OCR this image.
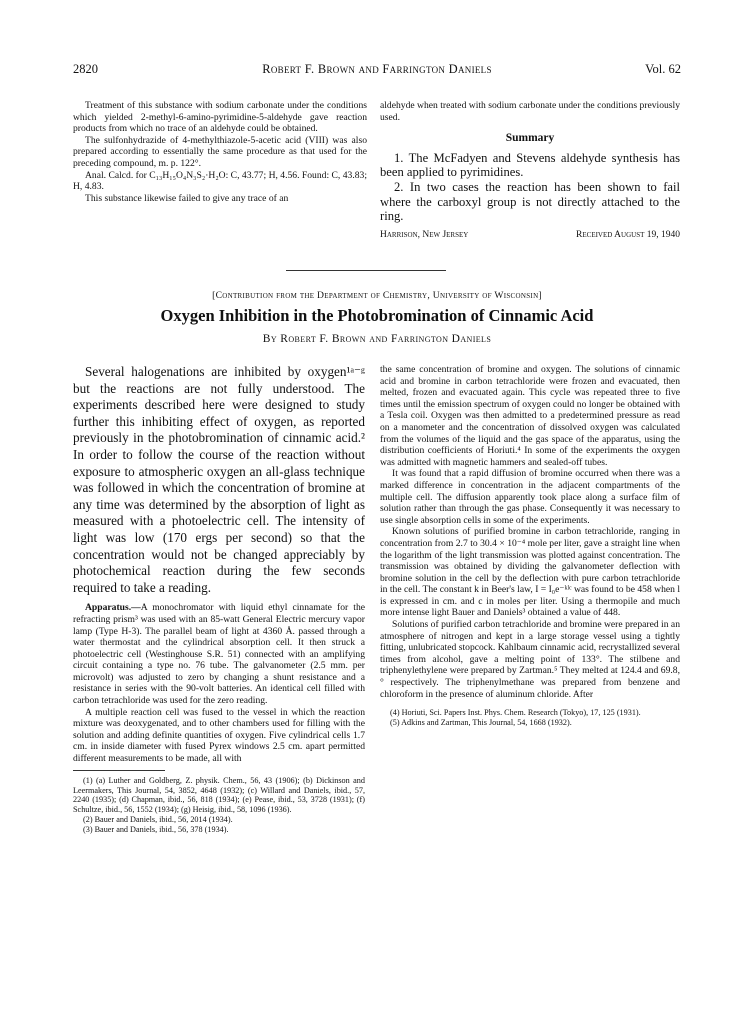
2820	Robert F. Brown and Farrington Daniels	Vol. 62

Treatment of this substance with sodium carbonate under the conditions which yielded 2-methyl-6-amino-pyrimidine-5-aldehyde gave reaction products from which no trace of an aldehyde could be obtained.

The sulfonhydrazide of 4-methylthiazole-5-acetic acid (VIII) was also prepared according to essentially the same procedure as that used for the preceding compound, m. p. 122°.

Anal. Calcd. for C₁₃H₁₅O₄N₃S₂·H₂O: C, 43.77; H, 4.56. Found: C, 43.83; H, 4.83.

This substance likewise failed to give any trace of an

aldehyde when treated with sodium carbonate under the conditions previously used.

Summary

1. The McFadyen and Stevens aldehyde synthesis has been applied to pyrimidines.

2. In two cases the reaction has been shown to fail where the carboxyl group is not directly attached to the ring.

Harrison, New Jersey	Received August 19, 1940
[Contribution from the Department of Chemistry, University of Wisconsin]
Oxygen Inhibition in the Photobromination of Cinnamic Acid
By Robert F. Brown and Farrington Daniels

Several halogenations are inhibited by oxygen¹ᵃ⁻ᵍ but the reactions are not fully understood. The experiments described here were designed to study further this inhibiting effect of oxygen, as reported previously in the photobromination of cinnamic acid.² In order to follow the course of the reaction without exposure to atmospheric oxygen an all-glass technique was followed in which the concentration of bromine at any time was determined by the absorption of light as measured with a photoelectric cell. The intensity of light was low (170 ergs per second) so that the concentration would not be changed appreciably by photochemical reaction during the few seconds required to take a reading.

Apparatus.—A monochromator with liquid ethyl cinnamate for the refracting prism³ was used with an 85-watt General Electric mercury vapor lamp (Type H-3). The parallel beam of light at 4360 Å. passed through a water thermostat and the cylindrical absorption cell. It then struck a photoelectric cell (Westinghouse S.R. 51) connected with an amplifying circuit containing a type no. 76 tube. The galvanometer (2.5 mm. per microvolt) was adjusted to zero by changing a shunt resistance and a resistance in series with the 90-volt batteries. An identical cell filled with carbon tetrachloride was used for the zero reading.

A multiple reaction cell was fused to the vessel in which the reaction mixture was deoxygenated, and to other chambers used for filling with the solution and adding definite quantities of oxygen. Five cylindrical cells 1.7 cm. in inside diameter with fused Pyrex windows 2.5 cm. apart permitted different measurements to be made, all with

(1) (a) Luther and Goldberg, Z. physik. Chem., 56, 43 (1906); (b) Dickinson and Leermakers, This Journal, 54, 3852, 4648 (1932); (c) Willard and Daniels, ibid., 57, 2240 (1935); (d) Chapman, ibid., 56, 818 (1934); (e) Pease, ibid., 53, 3728 (1931); (f) Schultze, ibid., 56, 1552 (1934); (g) Heisig, ibid., 58, 1096 (1936).

(2) Bauer and Daniels, ibid., 56, 2014 (1934).

(3) Bauer and Daniels, ibid., 56, 378 (1934).

the same concentration of bromine and oxygen. The solutions of cinnamic acid and bromine in carbon tetrachloride were frozen and evacuated, then melted, frozen and evacuated again. This cycle was repeated three to five times until the emission spectrum of oxygen could no longer be obtained with a Tesla coil. Oxygen was then admitted to a predetermined pressure as read on a manometer and the concentration of dissolved oxygen was calculated from the volumes of the liquid and the gas space of the apparatus, using the distribution coefficients of Horiuti.⁴ In some of the experiments the oxygen was admitted with magnetic hammers and sealed-off tubes.

It was found that a rapid diffusion of bromine occurred when there was a marked difference in concentration in the adjacent compartments of the multiple cell. The diffusion apparently took place along a surface film of solution rather than through the gas phase. Consequently it was necessary to use single absorption cells in some of the experiments.

Known solutions of purified bromine in carbon tetrachloride, ranging in concentration from 2.7 to 30.4 × 10⁻⁴ mole per liter, gave a straight line when the logarithm of the light transmission was plotted against concentration. The transmission was obtained by dividing the galvanometer deflection with bromine solution in the cell by the deflection with pure carbon tetrachloride in the cell. The constant k in Beer's law, I = I₀e⁻ᵏˡᶜ was found to be 458 when l is expressed in cm. and c in moles per liter. Using a thermopile and much more intense light Bauer and Daniels³ obtained a value of 448.

Solutions of purified carbon tetrachloride and bromine were prepared in an atmosphere of nitrogen and kept in a large storage vessel using a tightly fitting, unlubricated stopcock. Kahlbaum cinnamic acid, recrystallized several times from alcohol, gave a melting point of 133°. The stilbene and triphenylethylene were prepared by Zartman.⁵ They melted at 124.4 and 69.8,° respectively. The triphenylmethane was prepared from benzene and chloroform in the presence of aluminum chloride. After

(4) Horiuti, Sci. Papers Inst. Phys. Chem. Research (Tokyo), 17, 125 (1931).

(5) Adkins and Zartman, This Journal, 54, 1668 (1932).
